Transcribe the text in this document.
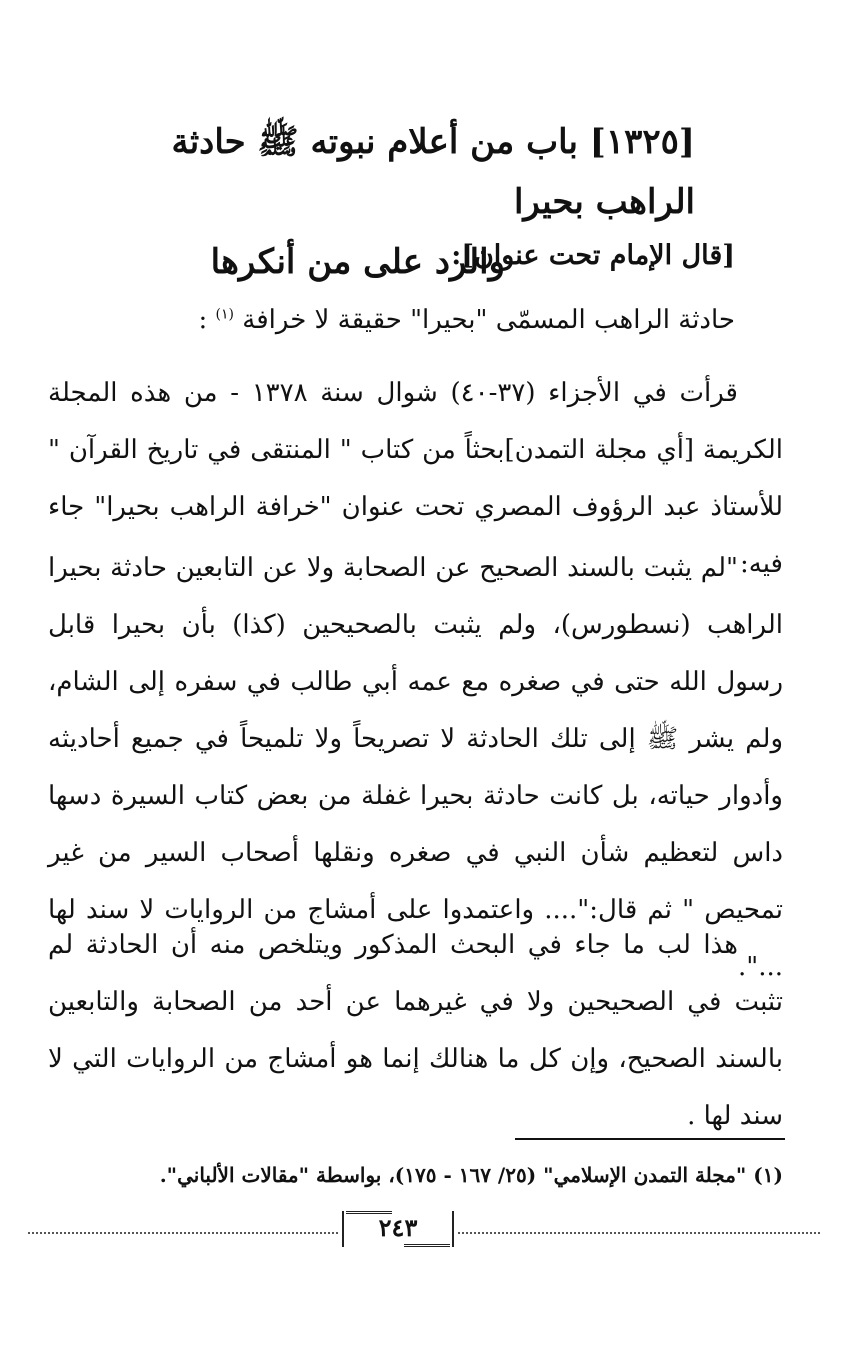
[١٣٢٥] باب من أعلام نبوته ﷺ حادثة الراهب بحيرا
والرد على من أنكرها
[قال الإمام تحت عنوان]:
حادثة الراهب المسمّى "بحيرا" حقيقة لا خرافة $^{(١)}$ :

قرأت في الأجزاء (٣٧-٤٠) شوال سنة ١٣٧٨ - من هذه المجلة الكريمة [أي مجلة التمدن]بحثاً من كتاب " المنتقى في تاريخ القرآن " للأستاذ عبد الرؤوف المصري تحت عنوان "خرافة الراهب بحيرا" جاء فيه:

"لم يثبت بالسند الصحيح عن الصحابة ولا عن التابعين حادثة بحيرا الراهب (نسطورس)، ولم يثبت بالصحيحين (كذا) بأن بحيرا قابل رسول الله حتى في صغره مع عمه أبي طالب في سفره إلى الشام، ولم يشر ﷺ إلى تلك الحادثة لا تصريحاً ولا تلميحاً في جميع أحاديثه وأدوار حياته، بل كانت حادثة بحيرا غفلة من بعض كتاب السيرة دسها داس لتعظيم شأن النبي في صغره ونقلها أصحاب السير من غير تمحيص " ثم قال:".... واعتمدوا على أمشاج من الروايات لا سند لها ...".

هذا لب ما جاء في البحث المذكور ويتلخص منه أن الحادثة لم تثبت في الصحيحين ولا في غيرهما عن أحد من الصحابة والتابعين بالسند الصحيح، وإن كل ما هنالك إنما هو أمشاج من الروايات التي لا سند لها .

(١) "مجلة التمدن الإسلامي" (٢٥/ ١٦٧ - ١٧٥)، بواسطة "مقالات الألباني".
٢٤٣
